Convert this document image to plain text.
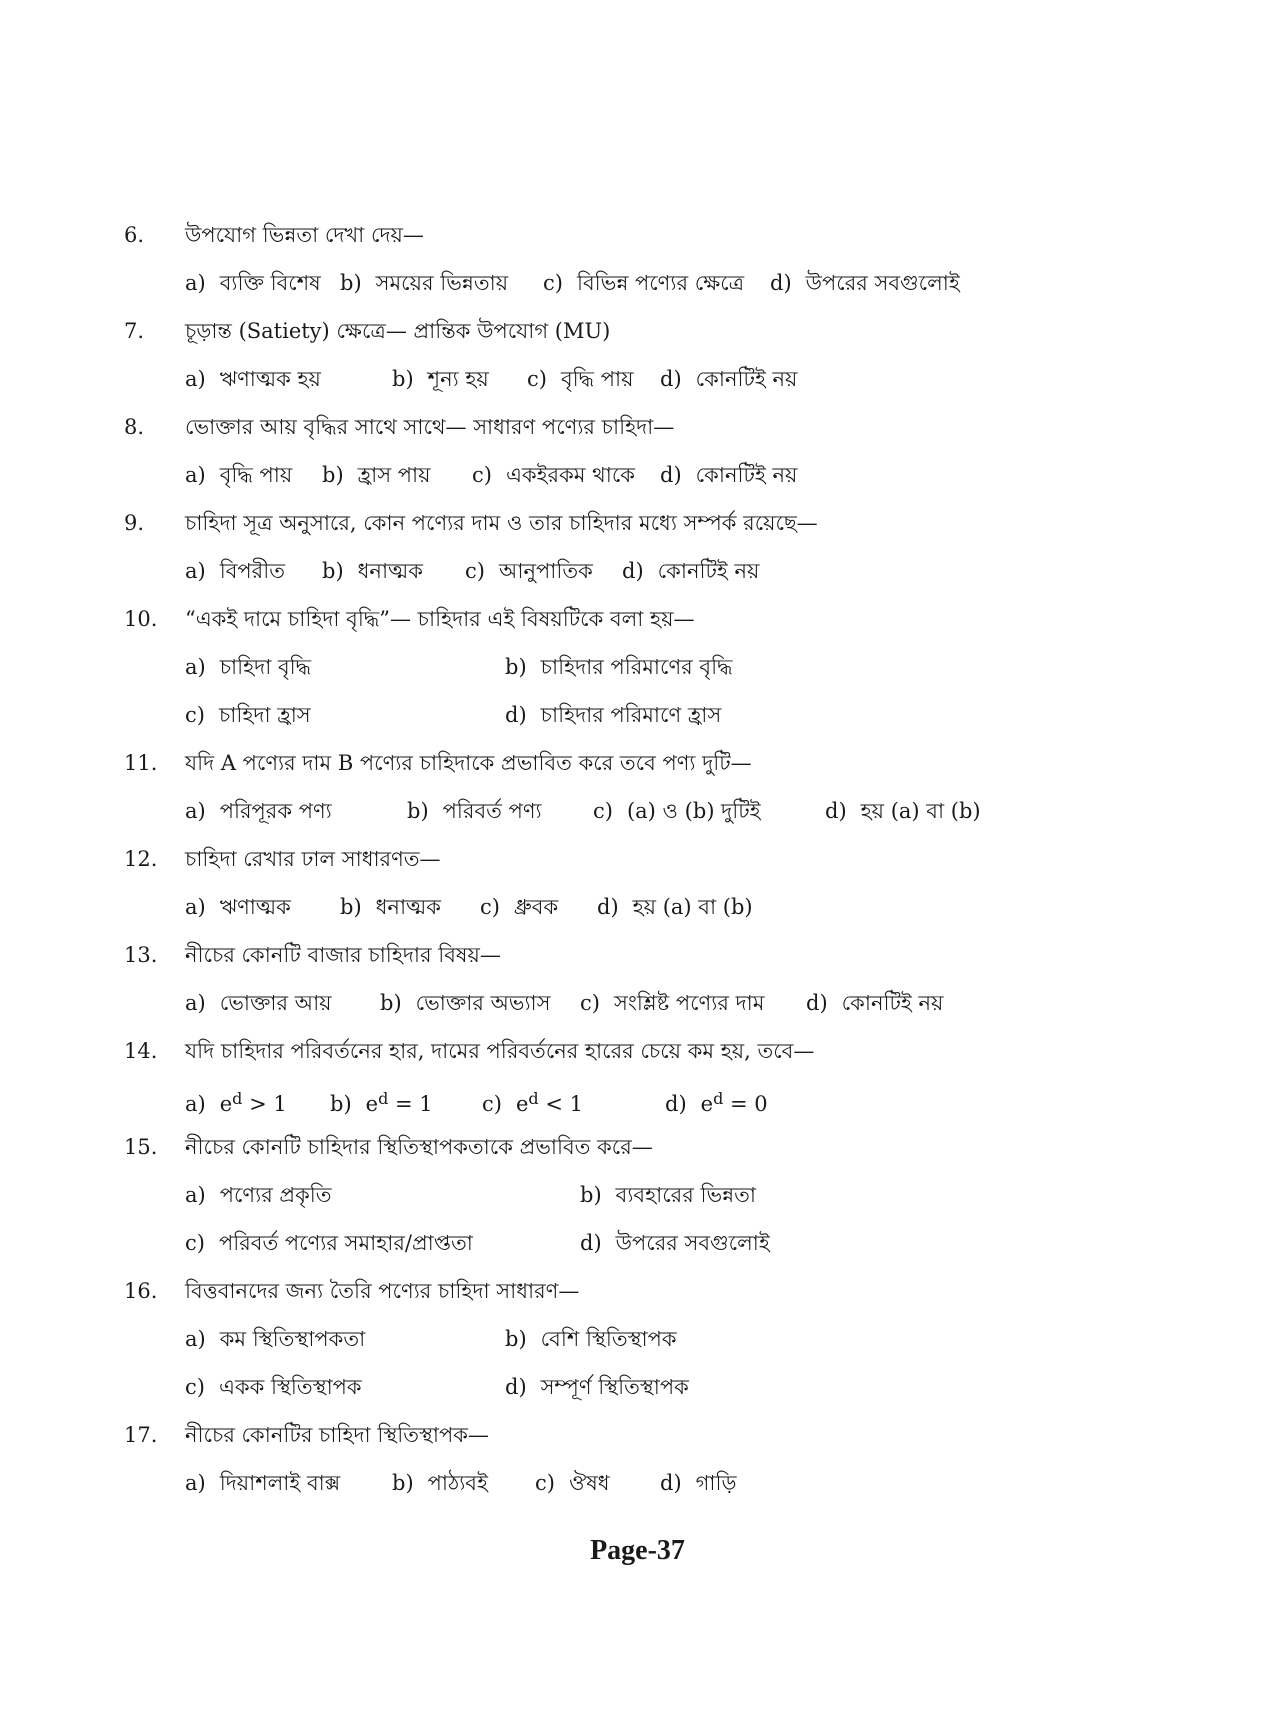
6. উপযোগ ভিন্নতা দেখা দেয়—
a) ব্যক্তি বিশেষ b) সময়ের ভিন্নতায় c) বিভিন্ন পণ্যের ক্ষেত্রে d) উপরের সবগুলোই
7. চূড়ান্ত (Satiety) ক্ষেত্রে— প্রান্তিক উপযোগ (MU)
a) ঋণাত্মক হয়	b) শূন্য হয় c) বৃদ্ধি পায় d) কোনটিই নয়
8. ভোক্তার আয় বৃদ্ধির সাথে সাথে— সাধারণ পণ্যের চাহিদা—
a) বৃদ্ধি পায় b) হ্রাস পায় c) একইরকম থাকে d) কোনটিই নয়
9. চাহিদা সূত্র অনুসারে, কোন পণ্যের দাম ও তার চাহিদার মধ্যে সম্পর্ক রয়েছে—
a) বিপরীত b) ধনাত্মক c) আনুপাতিক d) কোনটিই নয়
10. “একই দামে চাহিদা বৃদ্ধি”— চাহিদার এই বিষয়টিকে বলা হয়—
a) চাহিদা বৃদ্ধি	b) চাহিদার পরিমাণের বৃদ্ধি
c) চাহিদা হ্রাস	d) চাহিদার পরিমাণে হ্রাস
11. যদি A পণ্যের দাম B পণ্যের চাহিদাকে প্রভাবিত করে তবে পণ্য দুটি—
a) পরিপূরক পণ্য	b) পরিবর্ত পণ্য c) (a) ও (b) দুটিই	d) হয় (a) বা (b)
12. চাহিদা রেখার ঢাল সাধারণত—
a) ঋণাত্মক b) ধনাত্মক c) ধ্রুবক d) হয় (a) বা (b)
13. নীচের কোনটি বাজার চাহিদার বিষয়—
a) ভোক্তার আয় b) ভোক্তার অভ্যাস c) সংশ্লিষ্ট পণ্যের দাম d) কোনটিই নয়
14. যদি চাহিদার পরিবর্তনের হার, দামের পরিবর্তনের হারের চেয়ে কম হয়, তবে—
a) $e^d > 1$ b) $e^d = 1$ c) $e^d < 1$	d) $e^d = 0$
15. নীচের কোনটি চাহিদার স্থিতিস্থাপকতাকে প্রভাবিত করে—
a) পণ্যের প্রকৃতি	b) ব্যবহারের ভিন্নতা
c) পরিবর্ত পণ্যের সমাহার/প্রাপ্ততা	d) উপরের সবগুলোই
16. বিত্তবানদের জন্য তৈরি পণ্যের চাহিদা সাধারণ—
a) কম স্থিতিস্থাপকতা	b) বেশি স্থিতিস্থাপক
c) একক স্থিতিস্থাপক	d) সম্পূর্ণ স্থিতিস্থাপক
17. নীচের কোনটির চাহিদা স্থিতিস্থাপক—
a) দিয়াশলাই বাক্স b) পাঠ্যবই c) ঔষধ d) গাড়ি
Page-37
